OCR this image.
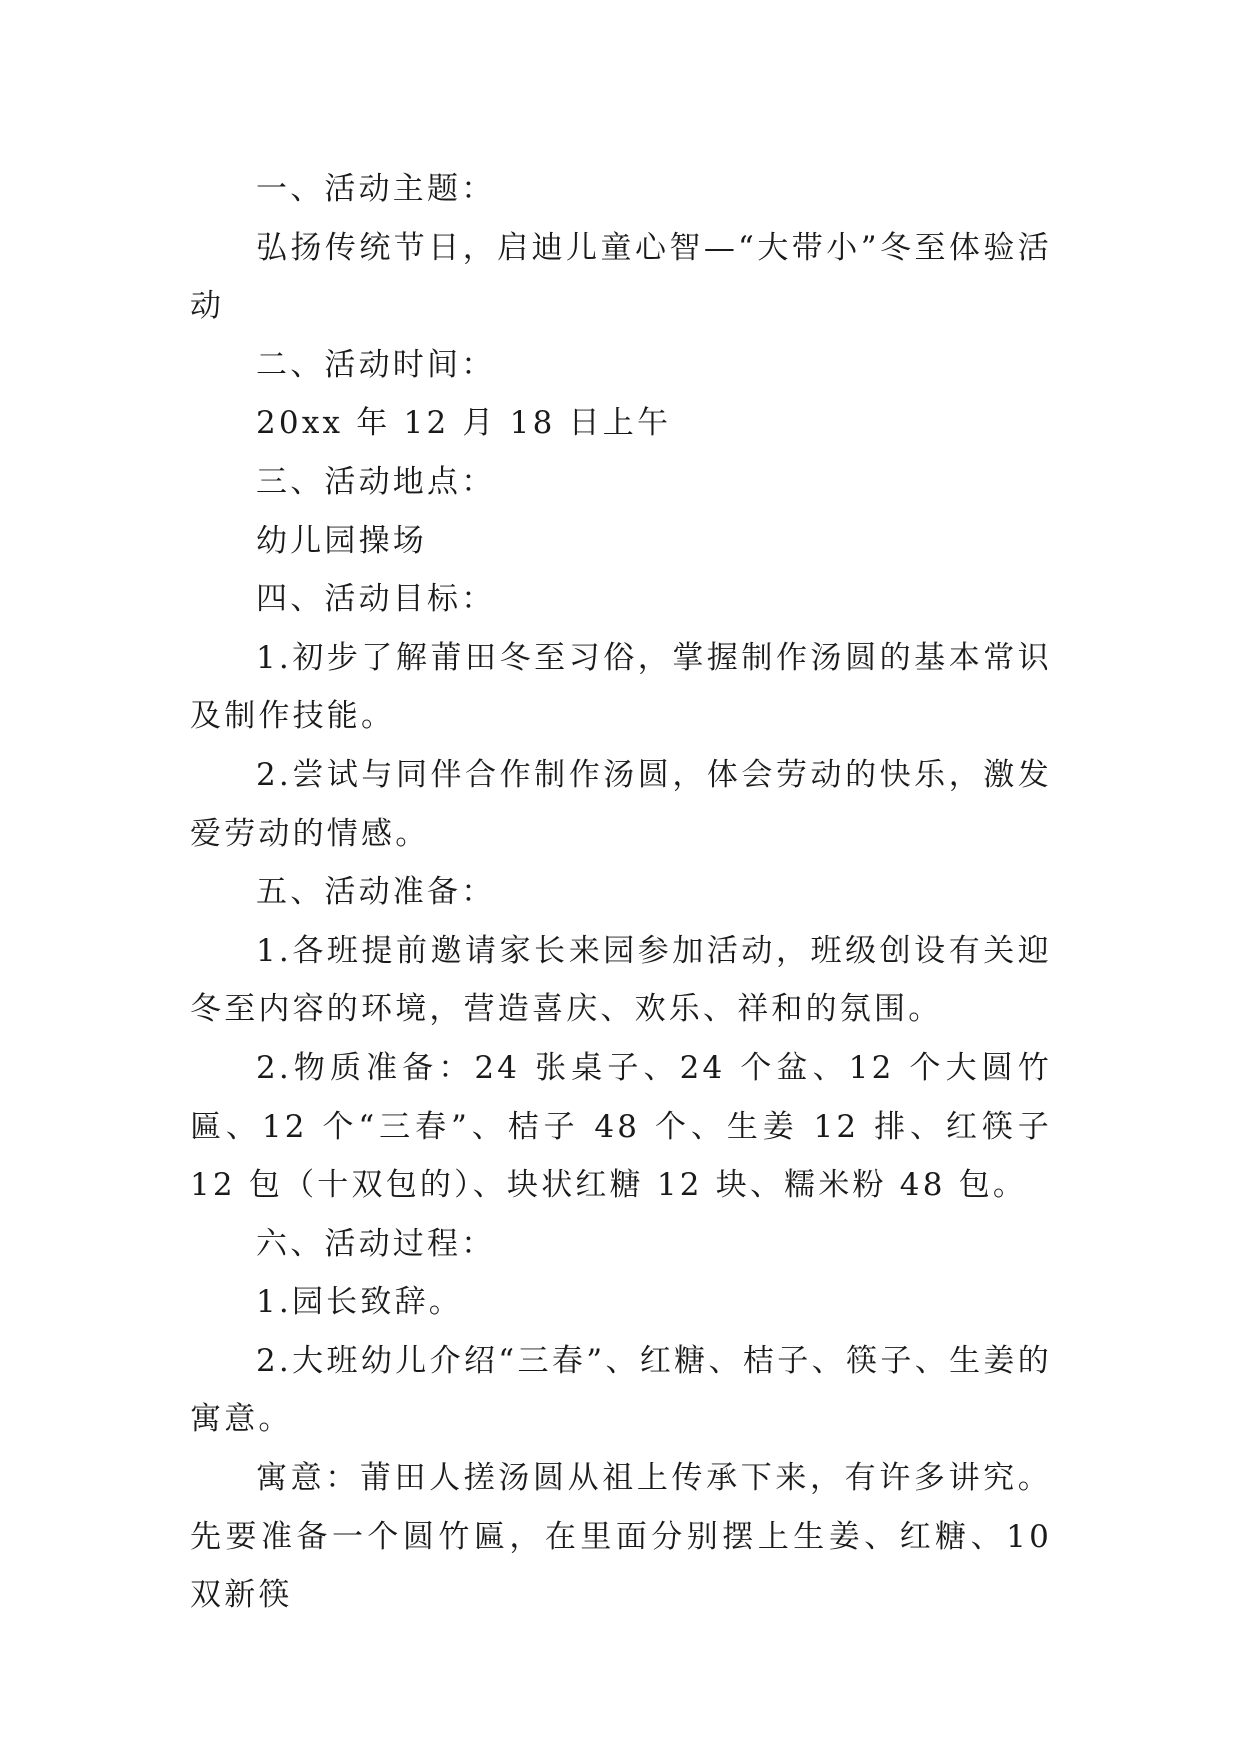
一、活动主题：

弘扬传统节日，启迪儿童心智—“大带小”冬至体验活动

二、活动时间：

20xx 年 12 月 18 日上午

三、活动地点：

幼儿园操场

四、活动目标：

1.初步了解莆田冬至习俗，掌握制作汤圆的基本常识及制作技能。

2.尝试与同伴合作制作汤圆，体会劳动的快乐，激发爱劳动的情感。

五、活动准备：

1.各班提前邀请家长来园参加活动，班级创设有关迎冬至内容的环境，营造喜庆、欢乐、祥和的氛围。

2.物质准备：24 张桌子、24 个盆、12 个大圆竹匾、12 个“三春”、桔子 48 个、生姜 12 排、红筷子 12 包（十双包的）、块状红糖 12 块、糯米粉 48 包。

六、活动过程：

1.园长致辞。

2.大班幼儿介绍“三春”、红糖、桔子、筷子、生姜的寓意。

寓意：莆田人搓汤圆从祖上传承下来，有许多讲究。先要准备一个圆竹匾，在里面分别摆上生姜、红糖、10 双新筷
